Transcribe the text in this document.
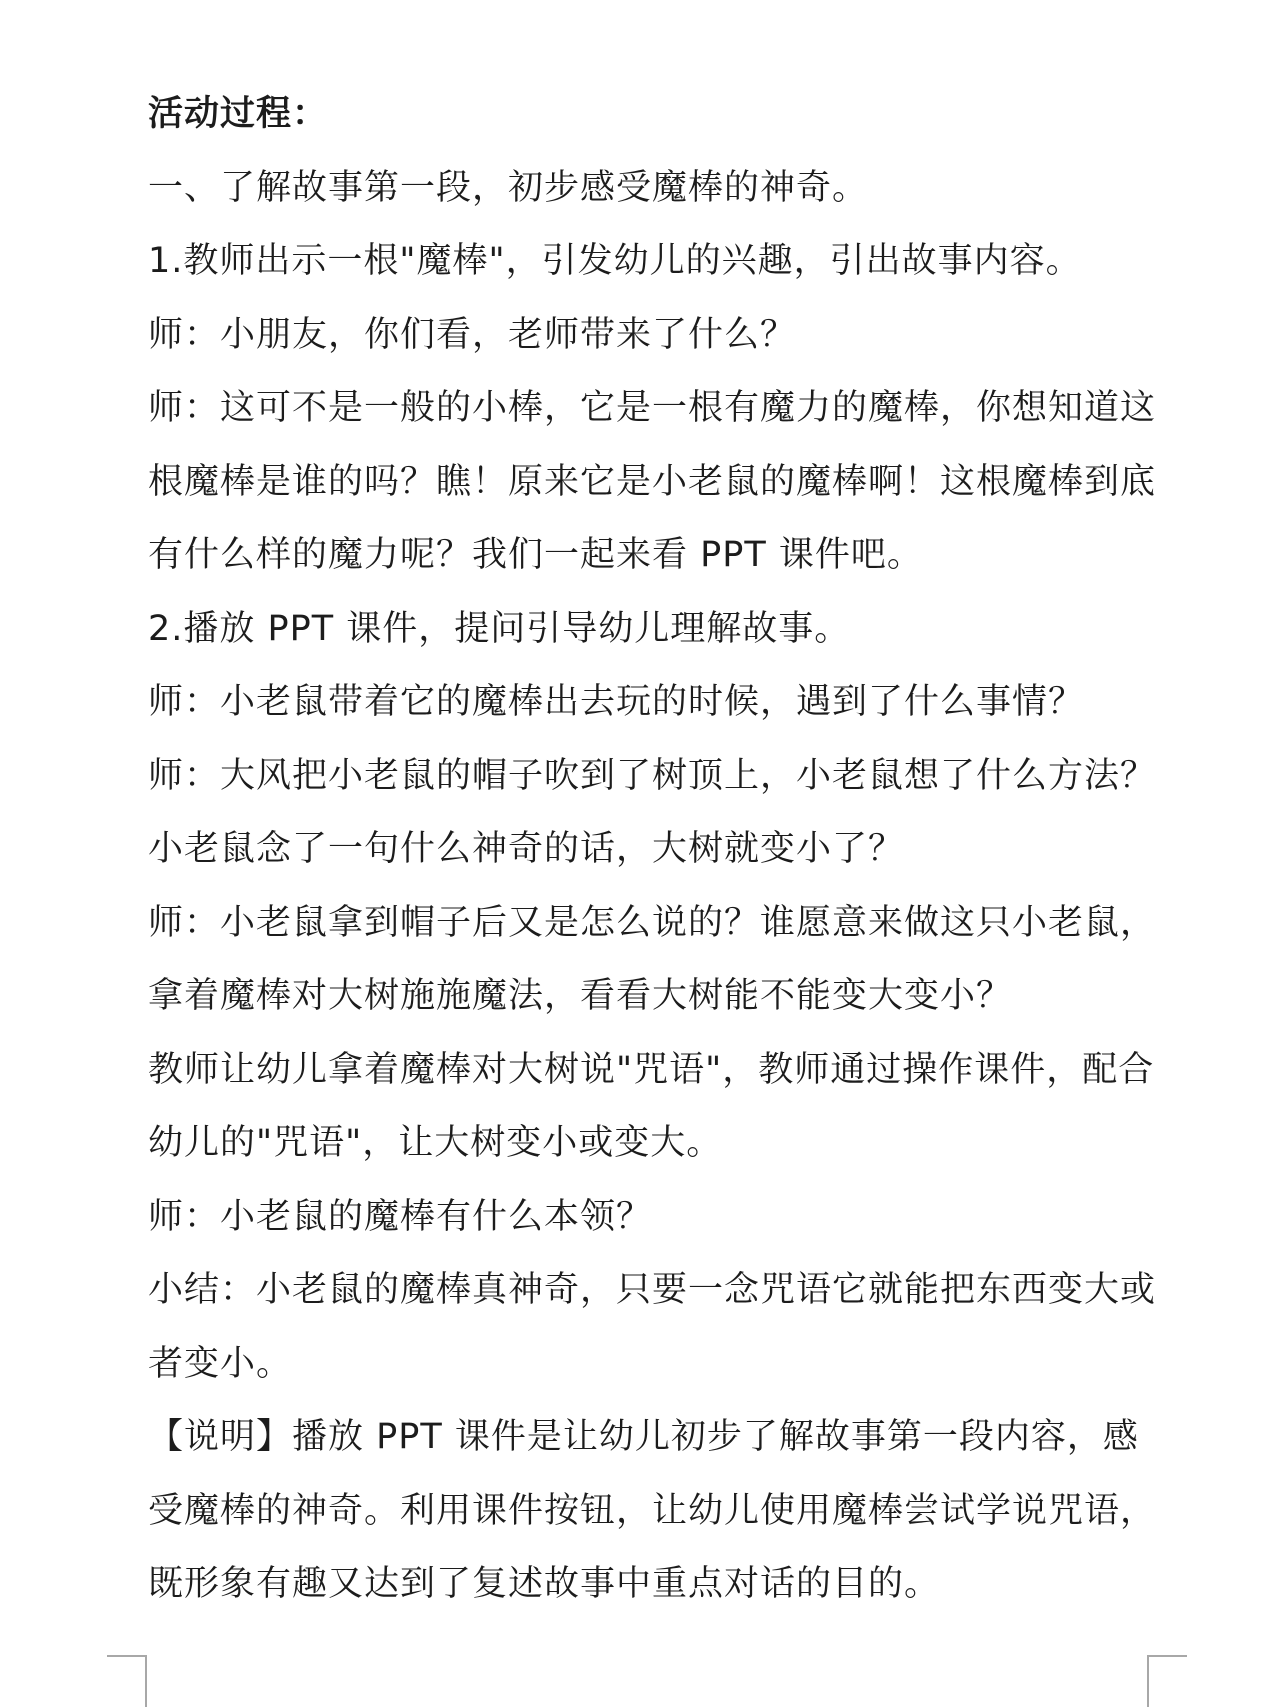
活动过程：
一、了解故事第一段，初步感受魔棒的神奇。
1.教师出示一根"魔棒"，引发幼儿的兴趣，引出故事内容。
师：小朋友，你们看，老师带来了什么？
师：这可不是一般的小棒，它是一根有魔力的魔棒，你想知道这
根魔棒是谁的吗？瞧！原来它是小老鼠的魔棒啊！这根魔棒到底
有什么样的魔力呢？我们一起来看 PPT 课件吧。
2.播放 PPT 课件，提问引导幼儿理解故事。
师：小老鼠带着它的魔棒出去玩的时候，遇到了什么事情？
师：大风把小老鼠的帽子吹到了树顶上，小老鼠想了什么方法？
小老鼠念了一句什么神奇的话，大树就变小了？
师：小老鼠拿到帽子后又是怎么说的？谁愿意来做这只小老鼠，
拿着魔棒对大树施施魔法，看看大树能不能变大变小？
教师让幼儿拿着魔棒对大树说"咒语"，教师通过操作课件，配合
幼儿的"咒语"，让大树变小或变大。
师：小老鼠的魔棒有什么本领？
小结：小老鼠的魔棒真神奇，只要一念咒语它就能把东西变大或
者变小。
【说明】播放 PPT 课件是让幼儿初步了解故事第一段内容，感
受魔棒的神奇。利用课件按钮，让幼儿使用魔棒尝试学说咒语，
既形象有趣又达到了复述故事中重点对话的目的。
